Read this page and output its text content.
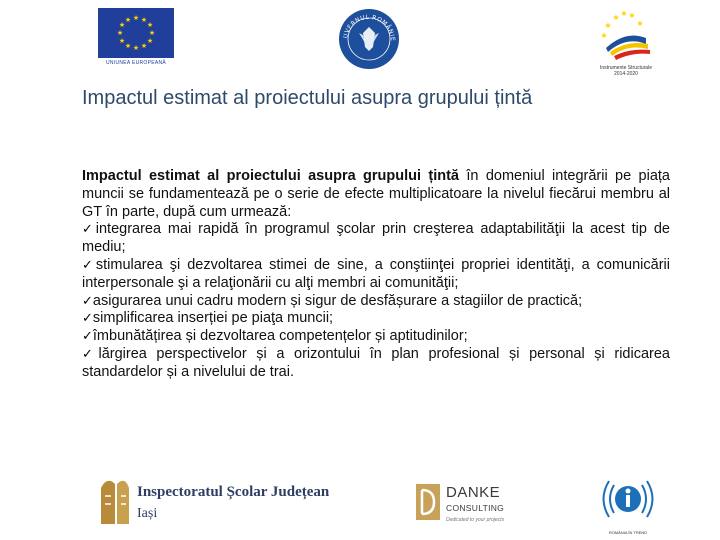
★ ★
★
★
★
★
★
★
★
★
★
★
UNIUNEA EUROPEANĂ
UVERNUL ROMÂNIE
★ ★ ★
★	★
★
Instrumente Structurale
2014-2020
Impactul estimat al proiectului asupra grupului țintă

Impactul estimat al proiectului asupra grupului țintă în domeniul integrării pe piața muncii se fundamentează pe o serie de efecte multiplicatoare la nivelul fiecărui membru al GT în parte, după cum urmează:

✓integrarea mai rapidă în programul şcolar prin creşterea adaptabilităţii la acest tip de mediu;

✓stimularea şi dezvoltarea stimei de sine, a conştiinţei propriei identităţi, a comunicării interpersonale şi a relaţionării cu alţi membri ai comunităţii;

✓asigurarea unui cadru modern și sigur de desfășurare a stagiilor de practică;

✓simplificarea inserției pe piaţa muncii;

✓îmbunătățirea și dezvoltarea competențelor și aptitudinilor;

✓lărgirea perspectivelor și a orizontului în plan profesional și personal și ridicarea standardelor și a nivelului de trai.

Inspectoratul Școlar Județean
Iași
DANKE
CONSULTING
Dedicated to your projects
ROMÂNIA ÎN TREND
